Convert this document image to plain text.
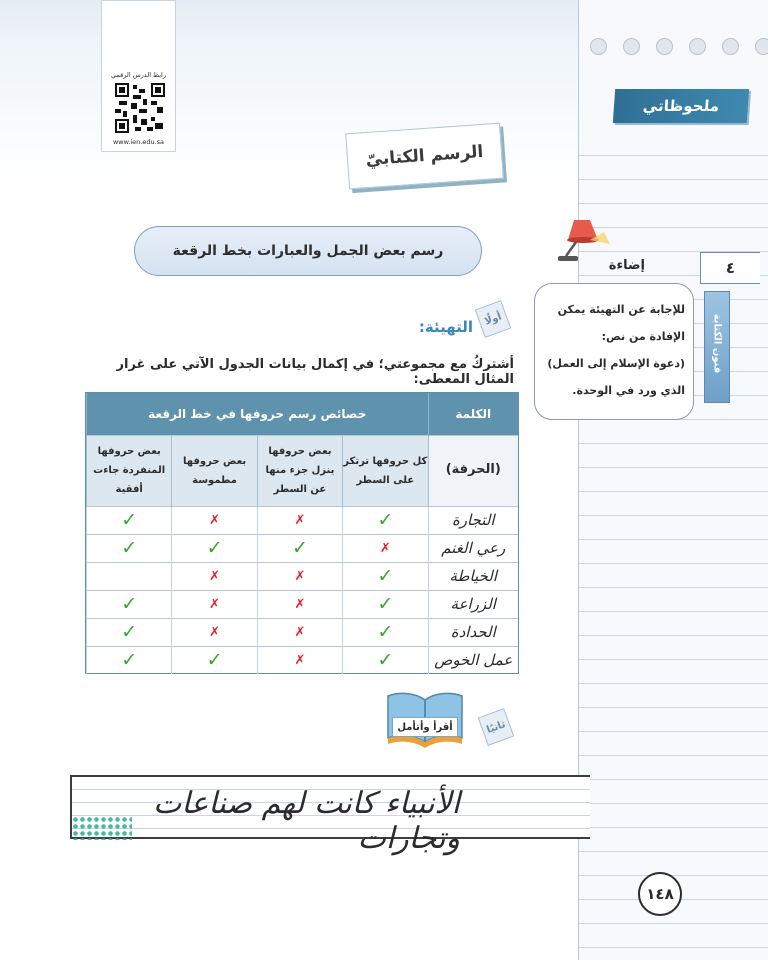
ملحوظاتي
رابط الدرس الرقمي
www.ien.edu.sa	الرسم الكتابيّ
رسم بعض الجمل والعبارات بخط الرقعة
أولًا
التهيئة:
أشتركُ مع مجموعتي؛ في إكمال بيانات الجدول الآتي على غرار المثال المعطى:
الكلمة	خصائص رسم حروفها في خط الرقعة			
(الحرفة)	كل حروفها ترتكز على السطر	بعض حروفها ينزل جزء منها عن السطر	بعض حروفها مطموسة	بعض حروفها المنفردة جاءت أفقية
التجارة	✓	✗	✗	✓
رعي الغنم	✗	✓	✓	✓
الخياطة	✓	✗	✗	
الزراعة	✓	✗	✗	✓
الحدادة	✓	✗	✗	✓
عمل الخوص	✓	✗	✓	✓
ثانيًا
أقرأ وأتأمل
الأنبياء كانت لهم صناعات وتجارات
١٤٨
٤
فنون الكتابة
إضاءة
للإجابة عن التهيئة يمكن
الإفادة من نص:
(دعوة الإسلام إلى العمل)
الذي ورد في الوحدة.
